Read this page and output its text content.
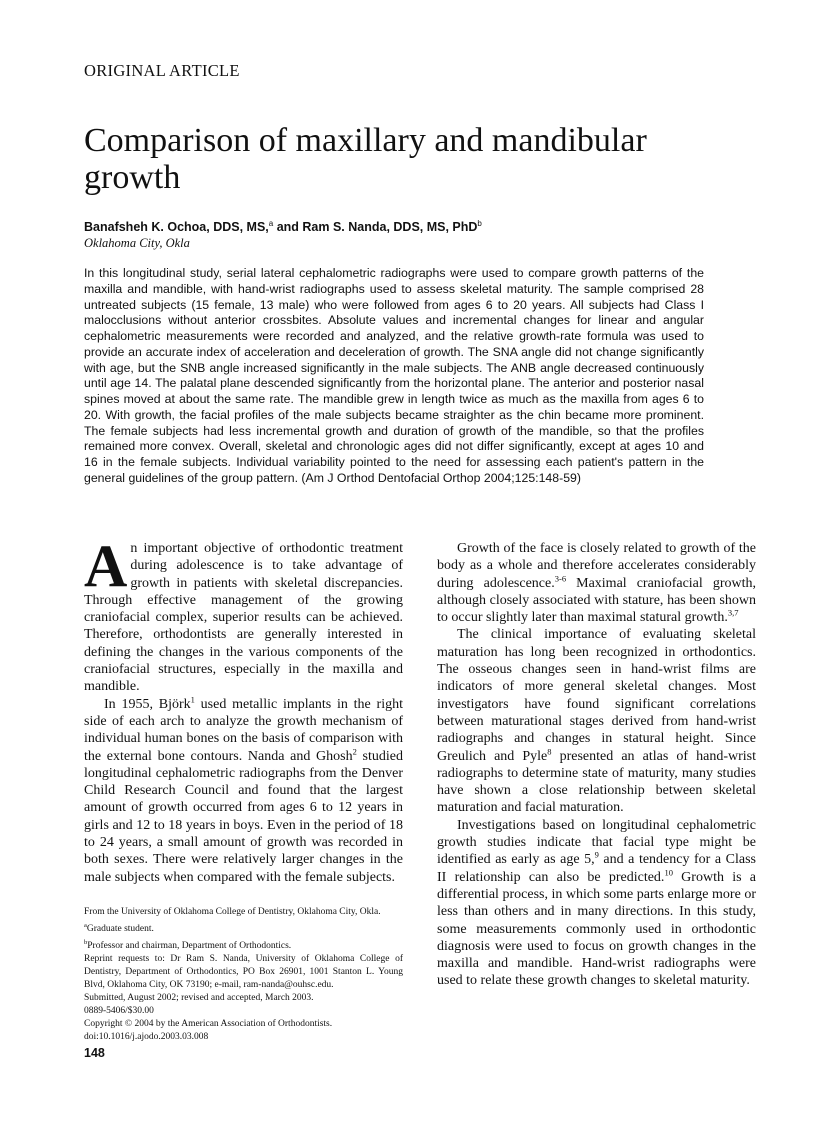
ORIGINAL ARTICLE
Comparison of maxillary and mandibular growth
Banafsheh K. Ochoa, DDS, MS,$^a$ and Ram S. Nanda, DDS, MS, PhD$^b$
Oklahoma City, Okla

In this longitudinal study, serial lateral cephalometric radiographs were used to compare growth patterns of the maxilla and mandible, with hand-wrist radiographs used to assess skeletal maturity. The sample comprised 28 untreated subjects (15 female, 13 male) who were followed from ages 6 to 20 years. All subjects had Class I malocclusions without anterior crossbites. Absolute values and incremental changes for linear and angular cephalometric measurements were recorded and analyzed, and the relative growth-rate formula was used to provide an accurate index of acceleration and deceleration of growth. The SNA angle did not change significantly with age, but the SNB angle increased significantly in the male subjects. The ANB angle decreased continuously until age 14. The palatal plane descended significantly from the horizontal plane. The anterior and posterior nasal spines moved at about the same rate. The mandible grew in length twice as much as the maxilla from ages 6 to 20. With growth, the facial profiles of the male subjects became straighter as the chin became more prominent. The female subjects had less incremental growth and duration of growth of the mandible, so that the profiles remained more convex. Overall, skeletal and chronologic ages did not differ significantly, except at ages 10 and 16 in the female subjects. Individual variability pointed to the need for assessing each patient's pattern in the general guidelines of the group pattern. (Am J Orthod Dentofacial Orthop 2004;125:148-59)

A n important objective of orthodontic treatment during adolescence is to take advantage of growth in patients with skeletal discrepancies. Through effective management of the growing craniofacial complex, superior results can be achieved. Therefore, orthodontists are generally interested in defining the changes in the various components of the craniofacial structures, especially in the maxilla and mandible.

In 1955, Björk$^1$ used metallic implants in the right side of each arch to analyze the growth mechanism of individual human bones on the basis of comparison with the external bone contours. Nanda and Ghosh$^2$ studied longitudinal cephalometric radiographs from the Denver Child Research Council and found that the largest amount of growth occurred from ages 6 to 12 years in girls and 12 to 18 years in boys. Even in the period of 18 to 24 years, a small amount of growth was recorded in both sexes. There were relatively larger changes in the male subjects when compared with the female subjects.

Growth of the face is closely related to growth of the body as a whole and therefore accelerates considerably during adolescence.$^{3-6}$ Maximal craniofacial growth, although closely associated with stature, has been shown to occur slightly later than maximal statural growth.$^{3,7}$

The clinical importance of evaluating skeletal maturation has long been recognized in orthodontics. The osseous changes seen in hand-wrist films are indicators of more general skeletal changes. Most investigators have found significant correlations between maturational stages derived from hand-wrist radiographs and changes in statural height. Since Greulich and Pyle$^8$ presented an atlas of hand-wrist radiographs to determine state of maturity, many studies have shown a close relationship between skeletal maturation and facial maturation.

Investigations based on longitudinal cephalometric growth studies indicate that facial type might be identified as early as age 5,$^9$ and a tendency for a Class II relationship can also be predicted.$^{10}$ Growth is a differential process, in which some parts enlarge more or less than others and in many directions. In this study, some measurements commonly used in orthodontic diagnosis were used to focus on growth changes in the maxilla and mandible. Hand-wrist radiographs were used to relate these growth changes to skeletal maturity.

From the University of Oklahoma College of Dentistry, Oklahoma City, Okla.
$^a$Graduate student.
$^b$Professor and chairman, Department of Orthodontics.
Reprint requests to: Dr Ram S. Nanda, University of Oklahoma College of Dentistry, Department of Orthodontics, PO Box 26901, 1001 Stanton L. Young Blvd, Oklahoma City, OK 73190; e-mail, ram-nanda@ouhsc.edu.
Submitted, August 2002; revised and accepted, March 2003.
0889-5406/$30.00
Copyright © 2004 by the American Association of Orthodontists.
doi:10.1016/j.ajodo.2003.03.008
148
